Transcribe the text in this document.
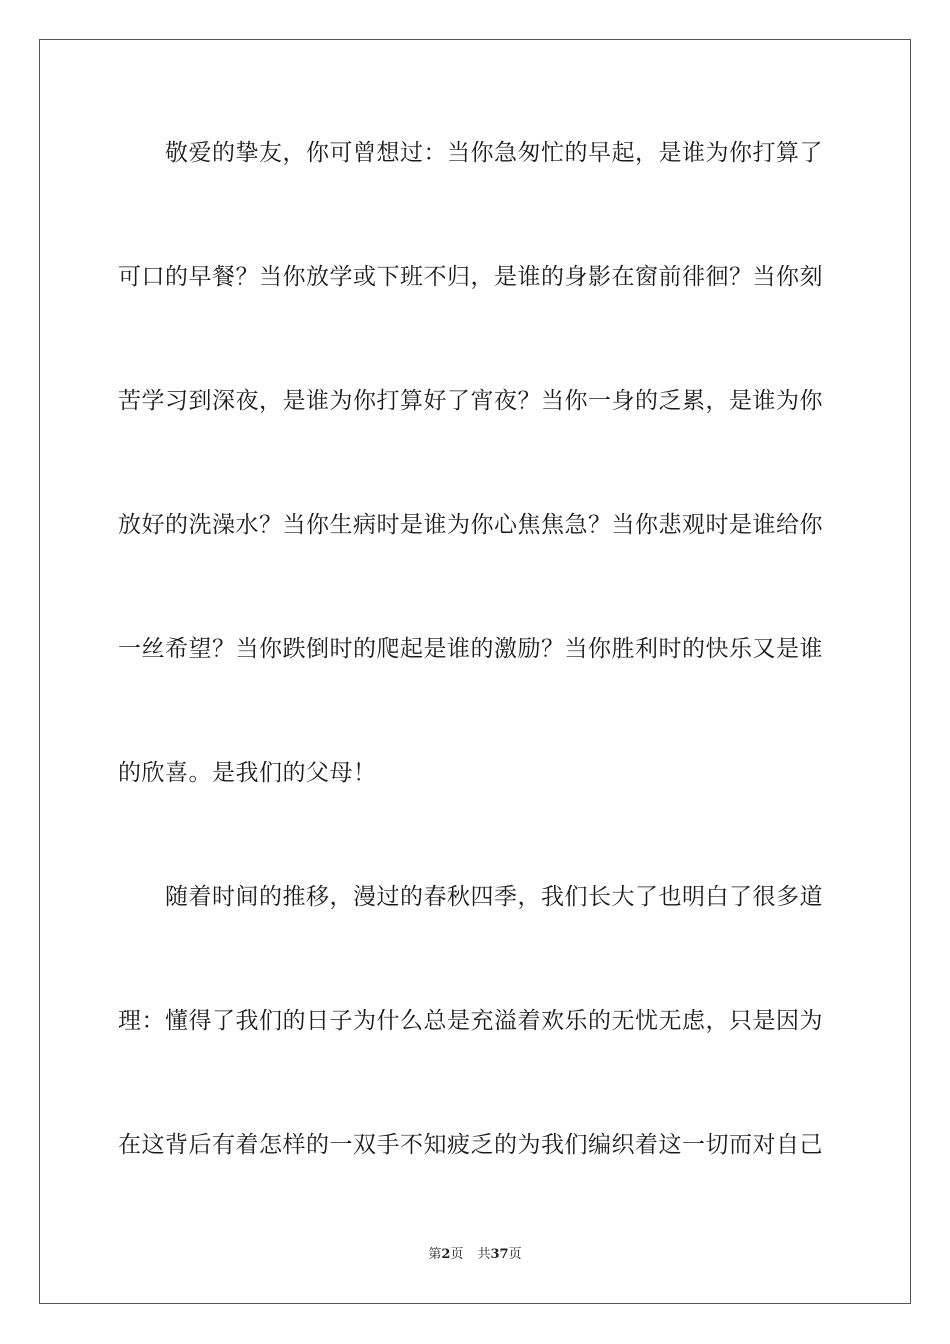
　　敬爱的挚友，你可曾想过：当你急匆忙的早起，是谁为你打算了
可口的早餐？当你放学或下班不归，是谁的身影在窗前徘徊？当你刻
苦学习到深夜，是谁为你打算好了宵夜？当你一身的乏累，是谁为你
放好的洗澡水？当你生病时是谁为你心焦焦急？当你悲观时是谁给你
一丝希望？当你跌倒时的爬起是谁的激励？当你胜利时的快乐又是谁
的欣喜。是我们的父母！
　　随着时间的推移，漫过的春秋四季，我们长大了也明白了很多道
理：懂得了我们的日子为什么总是充溢着欢乐的无忧无虑，只是因为
在这背后有着怎样的一双手不知疲乏的为我们编织着这一切而对自己
第2页 共37页
